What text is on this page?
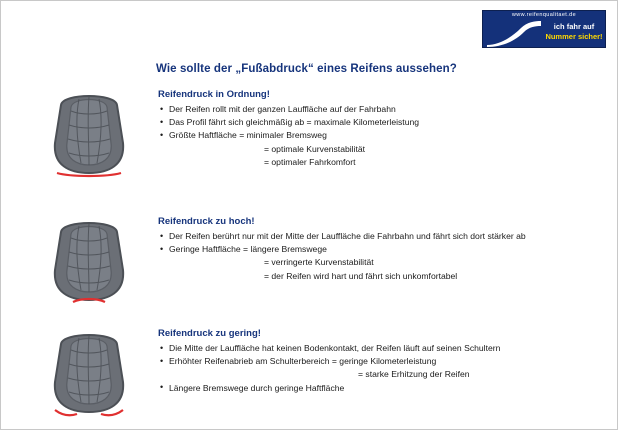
www.reifenqualitaet.de
ich fahr auf
Nummer sicher!
Wie sollte der „Fußabdruck“ eines Reifens aussehen?
Reifendruck in Ordnung!
• Der Reifen rollt mit der ganzen Lauffläche auf der Fahrbahn
• Das Profil fährt sich gleichmäßig ab = maximale Kilometerleistung
• Größte Haftfläche = minimaler Bremsweg
= optimale Kurvenstabilität
= optimaler Fahrkomfort
Reifendruck zu hoch!
• Der Reifen berührt nur mit der Mitte der Lauffläche die Fahrbahn und fährt sich dort stärker ab
• Geringe Haftfläche = längere Bremswege
= verringerte Kurvenstabilität
= der Reifen wird hart und fährt sich unkomfortabel
Reifendruck zu gering!
• Die Mitte der Lauffläche hat keinen Bodenkontakt, der Reifen läuft auf seinen Schultern
• Erhöhter Reifenabrieb am Schulterbereich = geringe Kilometerleistung
= starke Erhitzung der Reifen
• Längere Bremswege durch geringe Haftfläche
